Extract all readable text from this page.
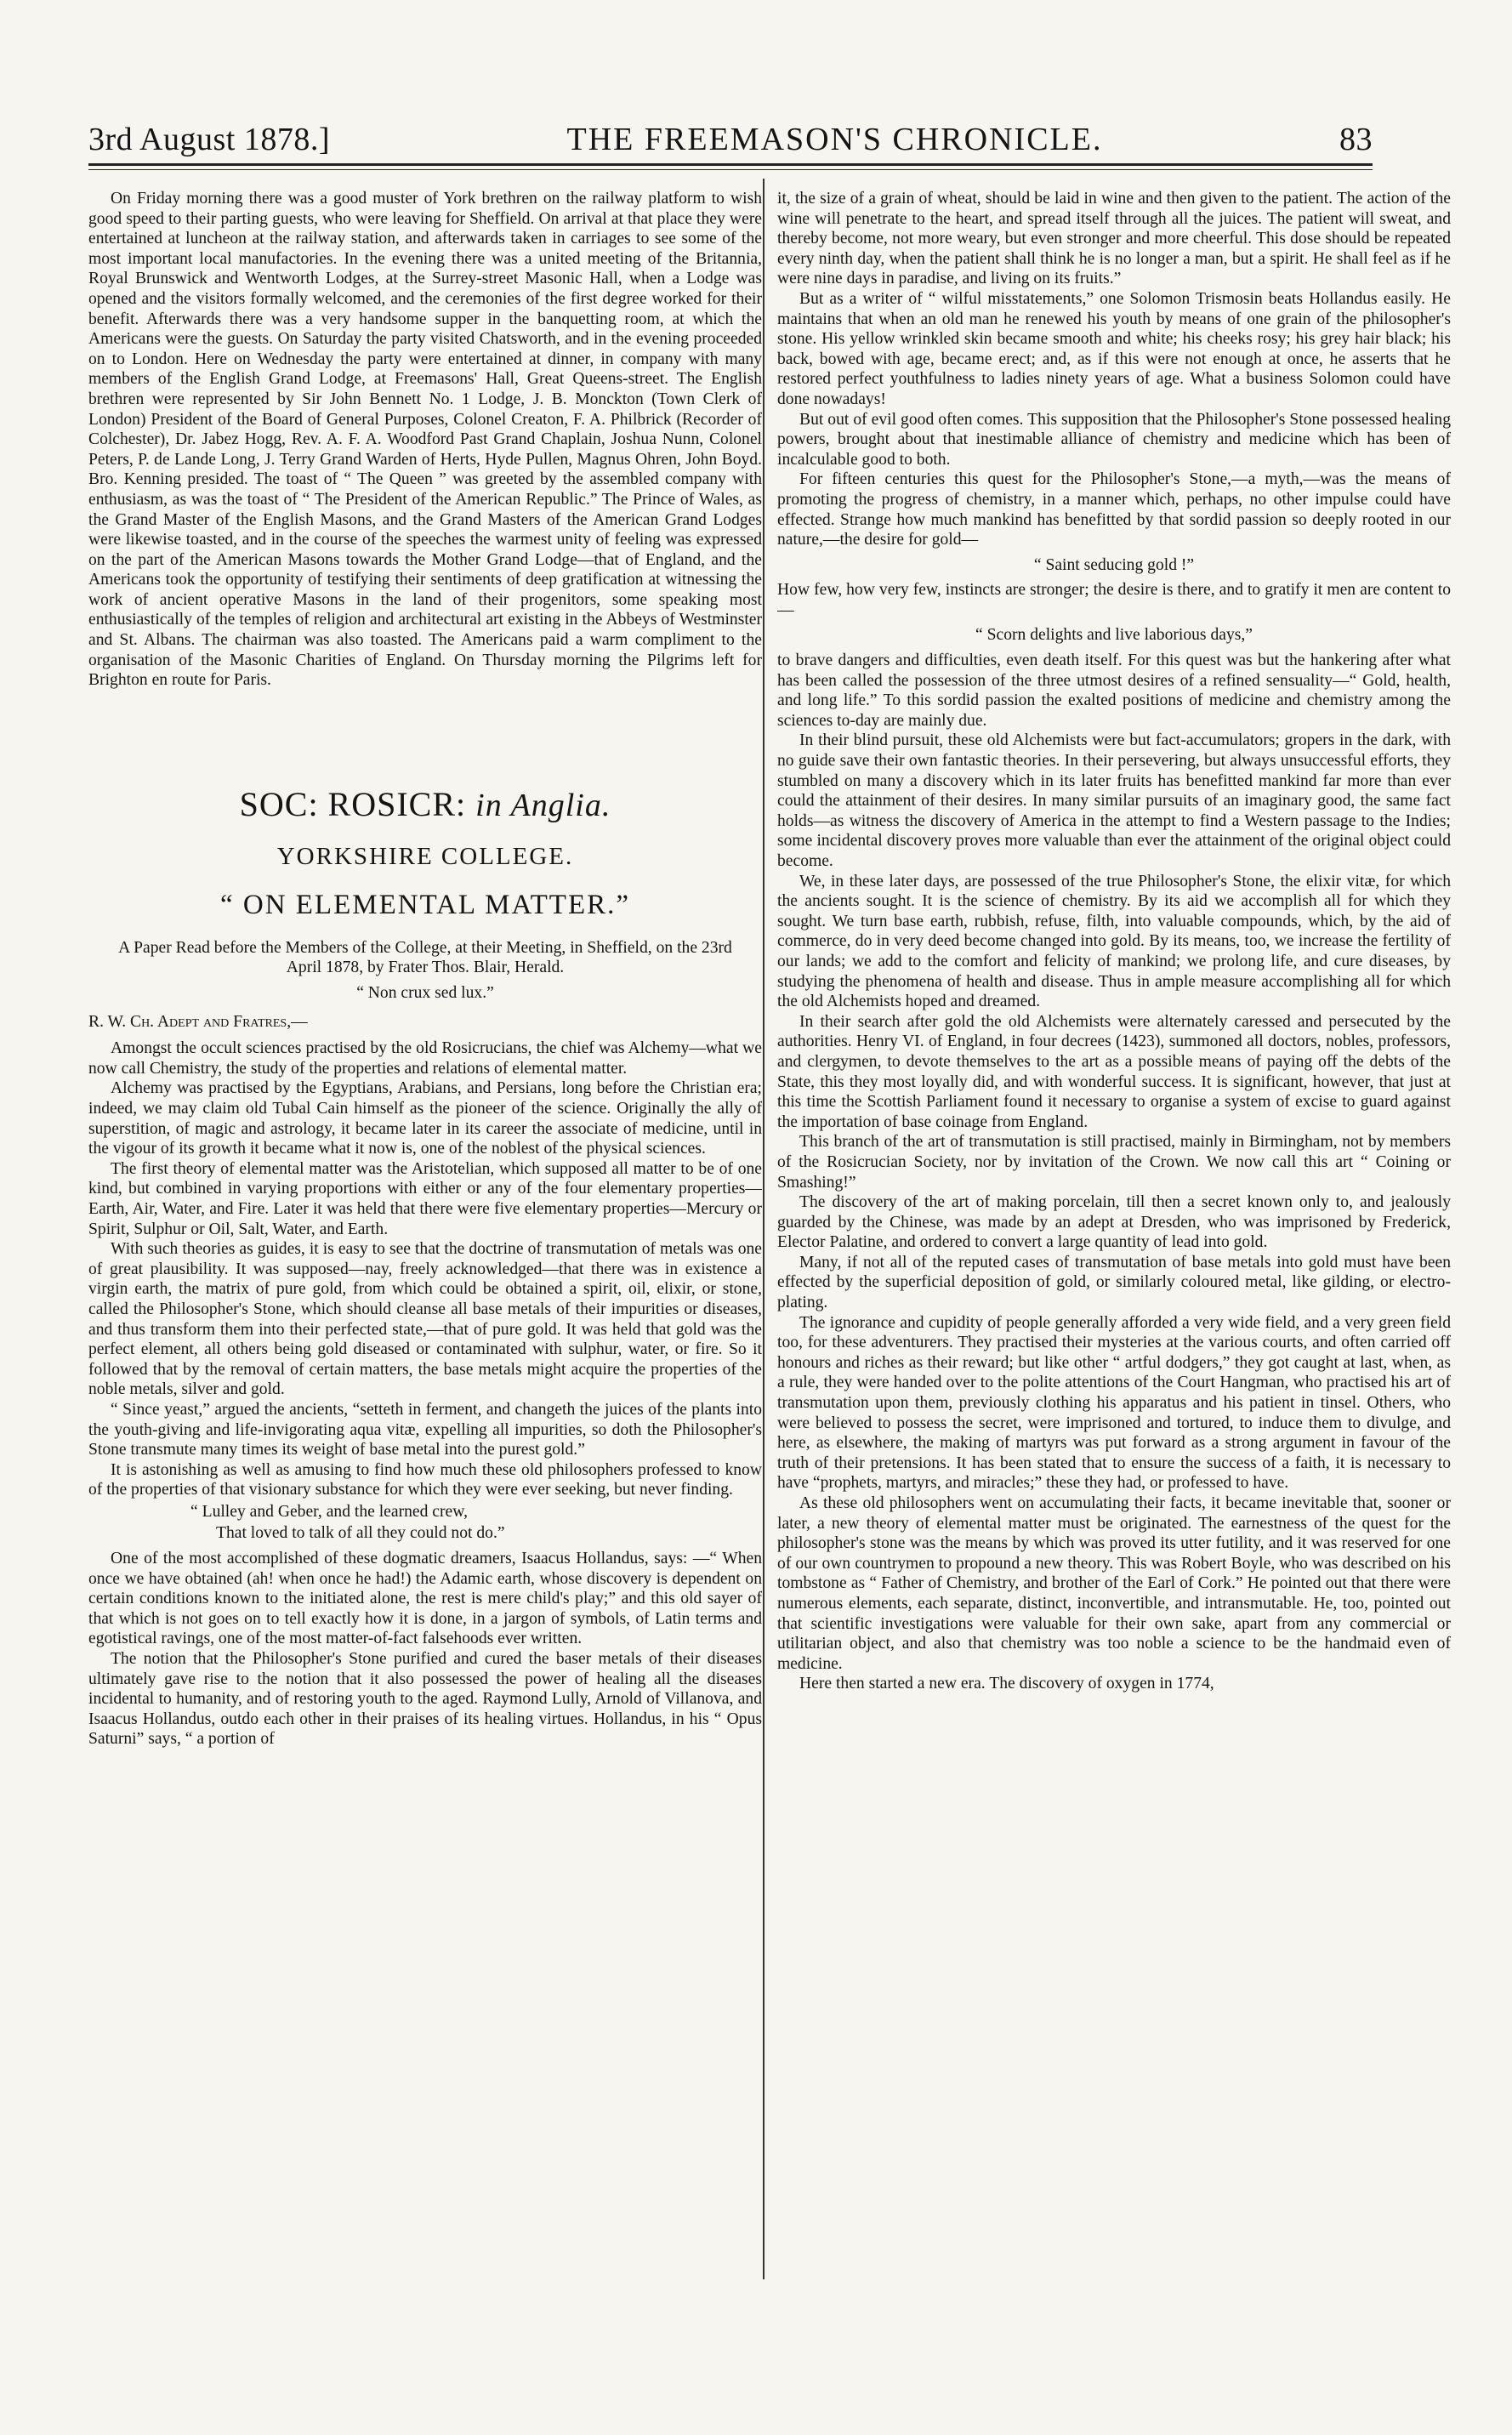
3rd August 1878.]	THE FREEMASON'S CHRONICLE.	83

On Friday morning there was a good muster of York brethren on the railway platform to wish good speed to their parting guests, who were leaving for Sheffield. On arrival at that place they were entertained at luncheon at the railway station, and afterwards taken in carriages to see some of the most important local manufactories. In the evening there was a united meeting of the Britannia, Royal Brunswick and Wentworth Lodges, at the Surrey-street Masonic Hall, when a Lodge was opened and the visitors formally welcomed, and the ceremonies of the first degree worked for their benefit. Afterwards there was a very handsome supper in the banquetting room, at which the Americans were the guests. On Saturday the party visited Chatsworth, and in the evening proceeded on to London. Here on Wednesday the party were entertained at dinner, in company with many members of the English Grand Lodge, at Freemasons' Hall, Great Queens-street. The English brethren were represented by Sir John Bennett No. 1 Lodge, J. B. Monckton (Town Clerk of London) President of the Board of General Purposes, Colonel Creaton, F. A. Philbrick (Recorder of Colchester), Dr. Jabez Hogg, Rev. A. F. A. Woodford Past Grand Chaplain, Joshua Nunn, Colonel Peters, P. de Lande Long, J. Terry Grand Warden of Herts, Hyde Pullen, Magnus Ohren, John Boyd. Bro. Kenning presided. The toast of “ The Queen ” was greeted by the assembled company with enthusiasm, as was the toast of “ The President of the American Republic.” The Prince of Wales, as the Grand Master of the English Masons, and the Grand Masters of the American Grand Lodges were likewise toasted, and in the course of the speeches the warmest unity of feeling was expressed on the part of the American Masons towards the Mother Grand Lodge—that of England, and the Americans took the opportunity of testifying their sentiments of deep gratification at witnessing the work of ancient operative Masons in the land of their progenitors, some speaking most enthusiastically of the temples of religion and architectural art existing in the Abbeys of Westminster and St. Albans. The chairman was also toasted. The Americans paid a warm compliment to the organisation of the Masonic Charities of England. On Thursday morning the Pilgrims left for Brighton en route for Paris.

SOC: ROSICR: in Anglia.
YORKSHIRE COLLEGE.
“ ON ELEMENTAL MATTER.”

A Paper Read before the Members of the College, at their Meeting, in Sheffield, on the 23rd April 1878, by Frater Thos. Blair, Herald.

“ Non crux sed lux.”

R. W. Ch. Adept and Fratres,—

Amongst the occult sciences practised by the old Rosicrucians, the chief was Alchemy—what we now call Chemistry, the study of the properties and relations of elemental matter.

Alchemy was practised by the Egyptians, Arabians, and Persians, long before the Christian era; indeed, we may claim old Tubal Cain himself as the pioneer of the science. Originally the ally of superstition, of magic and astrology, it became later in its career the associate of medicine, until in the vigour of its growth it became what it now is, one of the noblest of the physical sciences.

The first theory of elemental matter was the Aristotelian, which supposed all matter to be of one kind, but combined in varying proportions with either or any of the four elementary properties—Earth, Air, Water, and Fire. Later it was held that there were five elementary properties—Mercury or Spirit, Sulphur or Oil, Salt, Water, and Earth.

With such theories as guides, it is easy to see that the doctrine of transmutation of metals was one of great plausibility. It was supposed—nay, freely acknowledged—that there was in existence a virgin earth, the matrix of pure gold, from which could be obtained a spirit, oil, elixir, or stone, called the Philosopher's Stone, which should cleanse all base metals of their impurities or diseases, and thus transform them into their perfected state,—that of pure gold. It was held that gold was the perfect element, all others being gold diseased or contaminated with sulphur, water, or fire. So it followed that by the removal of certain matters, the base metals might acquire the properties of the noble metals, silver and gold.

“ Since yeast,” argued the ancients, “setteth in ferment, and changeth the juices of the plants into the youth-giving and life-invigorating aqua vitæ, expelling all impurities, so doth the Philosopher's Stone transmute many times its weight of base metal into the purest gold.”

It is astonishing as well as amusing to find how much these old philosophers professed to know of the properties of that visionary substance for which they were ever seeking, but never finding.

“ Lulley and Geber, and the learned crew,

That loved to talk of all they could not do.”

One of the most accomplished of these dogmatic dreamers, Isaacus Hollandus, says: —“ When once we have obtained (ah! when once he had!) the Adamic earth, whose discovery is dependent on certain conditions known to the initiated alone, the rest is mere child's play;” and this old sayer of that which is not goes on to tell exactly how it is done, in a jargon of symbols, of Latin terms and egotistical ravings, one of the most matter-of-fact falsehoods ever written.

The notion that the Philosopher's Stone purified and cured the baser metals of their diseases ultimately gave rise to the notion that it also possessed the power of healing all the diseases incidental to humanity, and of restoring youth to the aged. Raymond Lully, Arnold of Villanova, and Isaacus Hollandus, outdo each other in their praises of its healing virtues. Hollandus, in his “ Opus Saturni” says, “ a portion of

it, the size of a grain of wheat, should be laid in wine and then given to the patient. The action of the wine will penetrate to the heart, and spread itself through all the juices. The patient will sweat, and thereby become, not more weary, but even stronger and more cheerful. This dose should be repeated every ninth day, when the patient shall think he is no longer a man, but a spirit. He shall feel as if he were nine days in paradise, and living on its fruits.”

But as a writer of “ wilful misstatements,” one Solomon Trismosin beats Hollandus easily. He maintains that when an old man he renewed his youth by means of one grain of the philosopher's stone. His yellow wrinkled skin became smooth and white; his cheeks rosy; his grey hair black; his back, bowed with age, became erect; and, as if this were not enough at once, he asserts that he restored perfect youthfulness to ladies ninety years of age. What a business Solomon could have done nowadays!

But out of evil good often comes. This supposition that the Philosopher's Stone possessed healing powers, brought about that inestimable alliance of chemistry and medicine which has been of incalculable good to both.

For fifteen centuries this quest for the Philosopher's Stone,—a myth,—was the means of promoting the progress of chemistry, in a manner which, perhaps, no other impulse could have effected. Strange how much mankind has benefitted by that sordid passion so deeply rooted in our nature,—the desire for gold—

“ Saint seducing gold !”

How few, how very few, instincts are stronger; the desire is there, and to gratify it men are content to—

“ Scorn delights and live laborious days,”

to brave dangers and difficulties, even death itself. For this quest was but the hankering after what has been called the possession of the three utmost desires of a refined sensuality—“ Gold, health, and long life.” To this sordid passion the exalted positions of medicine and chemistry among the sciences to-day are mainly due.

In their blind pursuit, these old Alchemists were but fact-accumulators; gropers in the dark, with no guide save their own fantastic theories. In their persevering, but always unsuccessful efforts, they stumbled on many a discovery which in its later fruits has benefitted mankind far more than ever could the attainment of their desires. In many similar pursuits of an imaginary good, the same fact holds—as witness the discovery of America in the attempt to find a Western passage to the Indies; some incidental discovery proves more valuable than ever the attainment of the original object could become.

We, in these later days, are possessed of the true Philosopher's Stone, the elixir vitæ, for which the ancients sought. It is the science of chemistry. By its aid we accomplish all for which they sought. We turn base earth, rubbish, refuse, filth, into valuable compounds, which, by the aid of commerce, do in very deed become changed into gold. By its means, too, we increase the fertility of our lands; we add to the comfort and felicity of mankind; we prolong life, and cure diseases, by studying the phenomena of health and disease. Thus in ample measure accomplishing all for which the old Alchemists hoped and dreamed.

In their search after gold the old Alchemists were alternately caressed and persecuted by the authorities. Henry VI. of England, in four decrees (1423), summoned all doctors, nobles, professors, and clergymen, to devote themselves to the art as a possible means of paying off the debts of the State, this they most loyally did, and with wonderful success. It is significant, however, that just at this time the Scottish Parliament found it necessary to organise a system of excise to guard against the importation of base coinage from England.

This branch of the art of transmutation is still practised, mainly in Birmingham, not by members of the Rosicrucian Society, nor by invitation of the Crown. We now call this art “ Coining or Smashing!”

The discovery of the art of making porcelain, till then a secret known only to, and jealously guarded by the Chinese, was made by an adept at Dresden, who was imprisoned by Frederick, Elector Palatine, and ordered to convert a large quantity of lead into gold.

Many, if not all of the reputed cases of transmutation of base metals into gold must have been effected by the superficial deposition of gold, or similarly coloured metal, like gilding, or electro-plating.

The ignorance and cupidity of people generally afforded a very wide field, and a very green field too, for these adventurers. They practised their mysteries at the various courts, and often carried off honours and riches as their reward; but like other “ artful dodgers,” they got caught at last, when, as a rule, they were handed over to the polite attentions of the Court Hangman, who practised his art of transmutation upon them, previously clothing his apparatus and his patient in tinsel. Others, who were believed to possess the secret, were imprisoned and tortured, to induce them to divulge, and here, as elsewhere, the making of martyrs was put forward as a strong argument in favour of the truth of their pretensions. It has been stated that to ensure the success of a faith, it is necessary to have “prophets, martyrs, and miracles;” these they had, or professed to have.

As these old philosophers went on accumulating their facts, it became inevitable that, sooner or later, a new theory of elemental matter must be originated. The earnestness of the quest for the philosopher's stone was the means by which was proved its utter futility, and it was reserved for one of our own countrymen to propound a new theory. This was Robert Boyle, who was described on his tombstone as “ Father of Chemistry, and brother of the Earl of Cork.” He pointed out that there were numerous elements, each separate, distinct, inconvertible, and intransmutable. He, too, pointed out that scientific investigations were valuable for their own sake, apart from any commercial or utilitarian object, and also that chemistry was too noble a science to be the handmaid even of medicine.

Here then started a new era. The discovery of oxygen in 1774,
